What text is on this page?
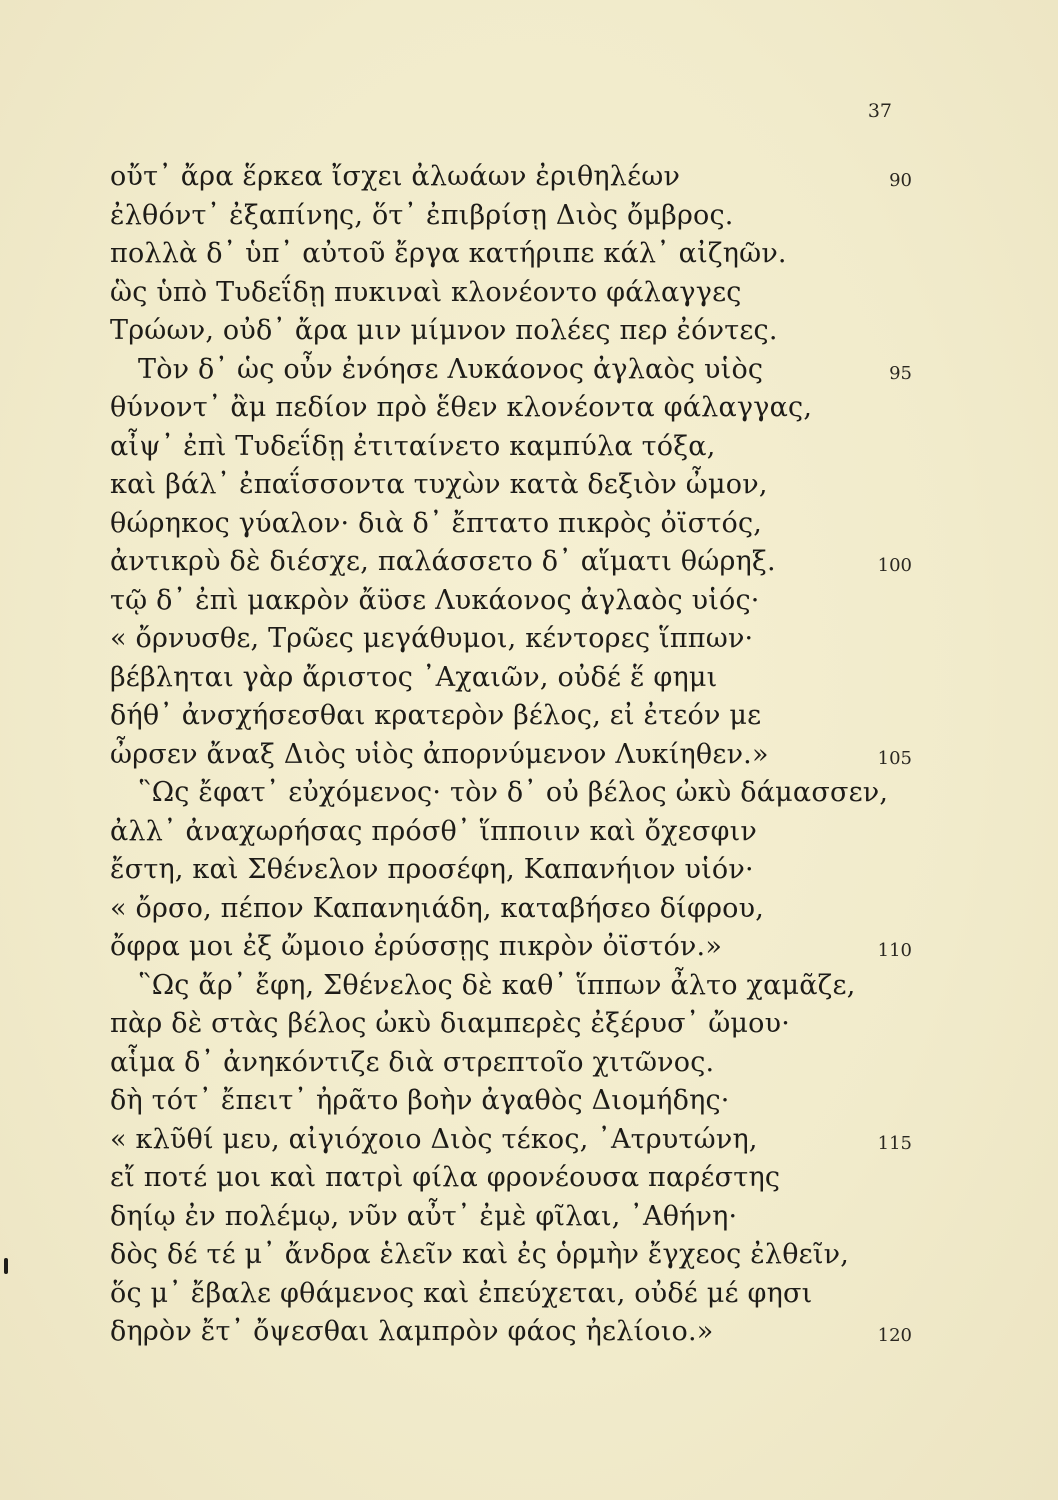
37
οὔτ᾽ ἄρα ἕρκεα ἴσχει ἀλωάων ἐριθηλέων	90
ἐλθόντ᾽ ἐξαπίνης, ὅτ᾽ ἐπιβρίσῃ Διὸς ὄμβρος.
πολλὰ δ᾽ ὑπ᾽ αὐτοῦ ἔργα κατήριπε κάλ᾽ αἰζηῶν.
ὣς ὑπὸ Τυδεΐδῃ πυκιναὶ κλονέοντο φάλαγγες
Τρώων, οὐδ᾽ ἄρα μιν μίμνον πολέες περ ἐόντες.
Τὸν δ᾽ ὡς οὖν ἐνόησε Λυκάονος ἀγλαὸς υἱὸς	95
θύνοντ᾽ ἂμ πεδίον πρὸ ἕθεν κλονέοντα φάλαγγας,
αἶψ᾽ ἐπὶ Τυδεΐδῃ ἐτιταίνετο καμπύλα τόξα,
καὶ βάλ᾽ ἐπαΐσσοντα τυχὼν κατὰ δεξιὸν ὦμον,
θώρηκος γύαλον· διὰ δ᾽ ἔπτατο πικρὸς ὀϊστός,
ἀντικρὺ δὲ διέσχε, παλάσσετο δ᾽ αἵματι θώρηξ.	100
τῷ δ᾽ ἐπὶ μακρὸν ἄϋσε Λυκάονος ἀγλαὸς υἱός·
« ὄρνυσθε, Τρῶες μεγάθυμοι, κέντορες ἵππων·
βέβληται γὰρ ἄριστος ᾿Αχαιῶν, οὐδέ ἕ φημι
δήθ᾽ ἀνσχήσεσθαι κρατερὸν βέλος, εἰ ἐτεόν με
ὦρσεν ἄναξ Διὸς υἱὸς ἀπορνύμενον Λυκίηθεν.»	105
῝Ως ἔφατ᾽ εὐχόμενος· τὸν δ᾽ οὐ βέλος ὠκὺ δάμασσεν,
ἀλλ᾽ ἀναχωρήσας πρόσθ᾽ ἵπποιιν καὶ ὄχεσφιν
ἔστη, καὶ Σθένελον προσέφη, Καπανήιον υἱόν·
« ὄρσο, πέπον Καπανηιάδη, καταβήσεο δίφρου,
ὄφρα μοι ἐξ ὤμοιο ἐρύσσῃς πικρὸν ὀϊστόν.»	110
῝Ως ἄρ᾽ ἔφη, Σθένελος δὲ καθ᾽ ἵππων ἆλτο χαμᾶζε,
πὰρ δὲ στὰς βέλος ὠκὺ διαμπερὲς ἐξέρυσ᾽ ὤμου·
αἷμα δ᾽ ἀνηκόντιζε διὰ στρεπτοῖο χιτῶνος.
δὴ τότ᾽ ἔπειτ᾽ ἠρᾶτο βοὴν ἀγαθὸς Διομήδης·
« κλῦθί μευ, αἰγιόχοιο Διὸς τέκος, ᾿Ατρυτώνη,	115
εἴ ποτέ μοι καὶ πατρὶ φίλα φρονέουσα παρέστης
δηίῳ ἐν πολέμῳ, νῦν αὖτ᾽ ἐμὲ φῖλαι, ᾿Αθήνη·
δὸς δέ τέ μ᾽ ἄνδρα ἑλεῖν καὶ ἐς ὁρμὴν ἔγχεος ἐλθεῖν,
ὅς μ᾽ ἔβαλε φθάμενος καὶ ἐπεύχεται, οὐδέ μέ φησι
δηρὸν ἔτ᾽ ὄψεσθαι λαμπρὸν φάος ἠελίοιο.»	120
